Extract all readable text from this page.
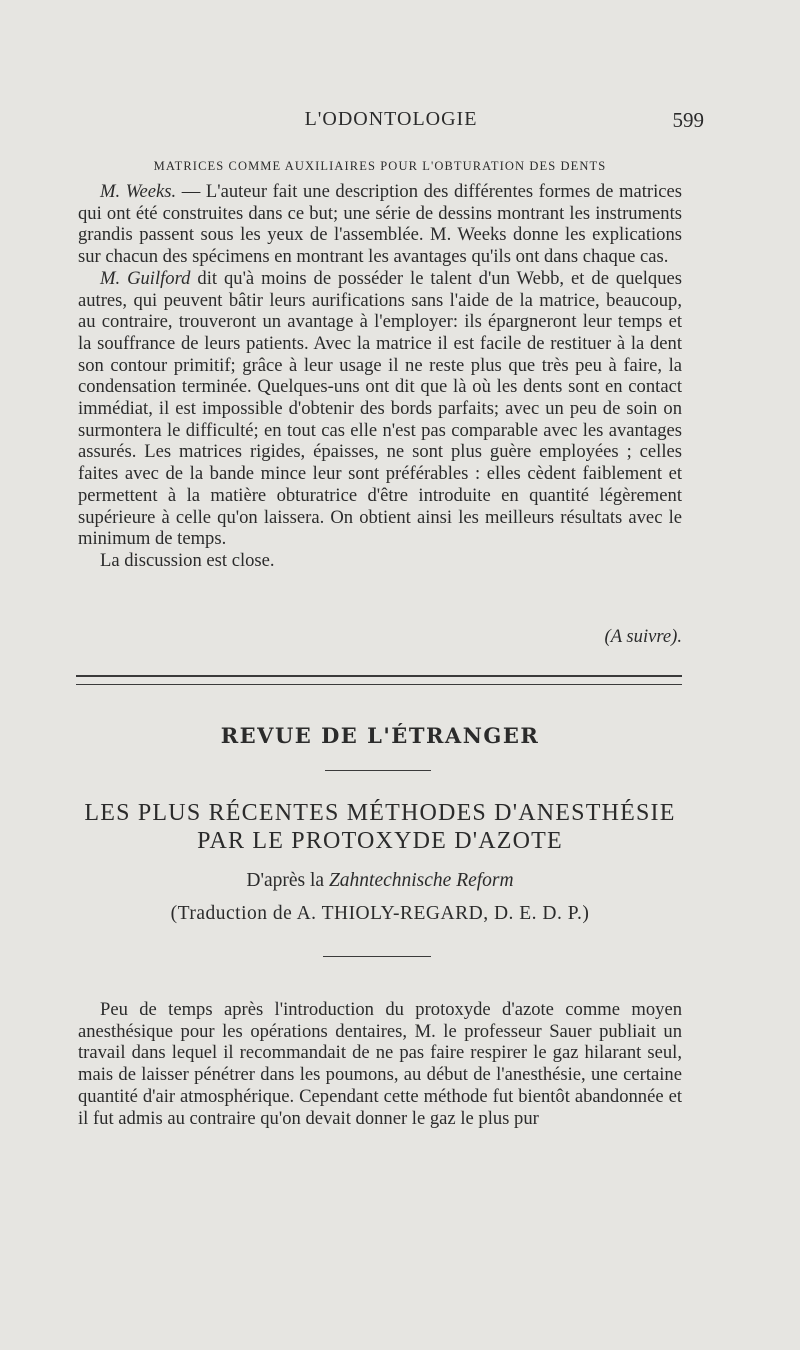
L'ODONTOLOGIE	599
MATRICES COMME AUXILIAIRES POUR L'OBTURATION DES DENTS

M. Weeks. — L'auteur fait une description des différentes formes de matrices qui ont été construites dans ce but; une série de dessins montrant les instruments grandis passent sous les yeux de l'assemblée. M. Weeks donne les explications sur chacun des spécimens en montrant les avantages qu'ils ont dans chaque cas.

M. Guilford dit qu'à moins de posséder le talent d'un Webb, et de quelques autres, qui peuvent bâtir leurs aurifications sans l'aide de la matrice, beaucoup, au contraire, trouveront un avantage à l'employer: ils épargneront leur temps et la souffrance de leurs patients. Avec la matrice il est facile de restituer à la dent son contour primitif; grâce à leur usage il ne reste plus que très peu à faire, la condensation terminée. Quelques-uns ont dit que là où les dents sont en contact immédiat, il est impossible d'obtenir des bords parfaits; avec un peu de soin on surmontera le difficulté; en tout cas elle n'est pas comparable avec les avantages assurés. Les matrices rigides, épaisses, ne sont plus guère employées ; celles faites avec de la bande mince leur sont préférables : elles cèdent faiblement et permettent à la matière obturatrice d'être introduite en quantité légèrement supérieure à celle qu'on laissera. On obtient ainsi les meilleurs résultats avec le minimum de temps.

La discussion est close.

(A suivre).
REVUE DE L'ÉTRANGER
LES PLUS RÉCENTES MÉTHODES D'ANESTHÉSIE
PAR LE PROTOXYDE D'AZOTE
D'après la Zahntechnische Reform
(Traduction de A. THIOLY-REGARD, D. E. D. P.)

Peu de temps après l'introduction du protoxyde d'azote comme moyen anesthésique pour les opérations dentaires, M. le professeur Sauer publiait un travail dans lequel il recommandait de ne pas faire respirer le gaz hilarant seul, mais de laisser pénétrer dans les poumons, au début de l'anesthésie, une certaine quantité d'air atmosphérique. Cependant cette méthode fut bientôt abandonnée et il fut admis au contraire qu'on devait donner le gaz le plus pur
